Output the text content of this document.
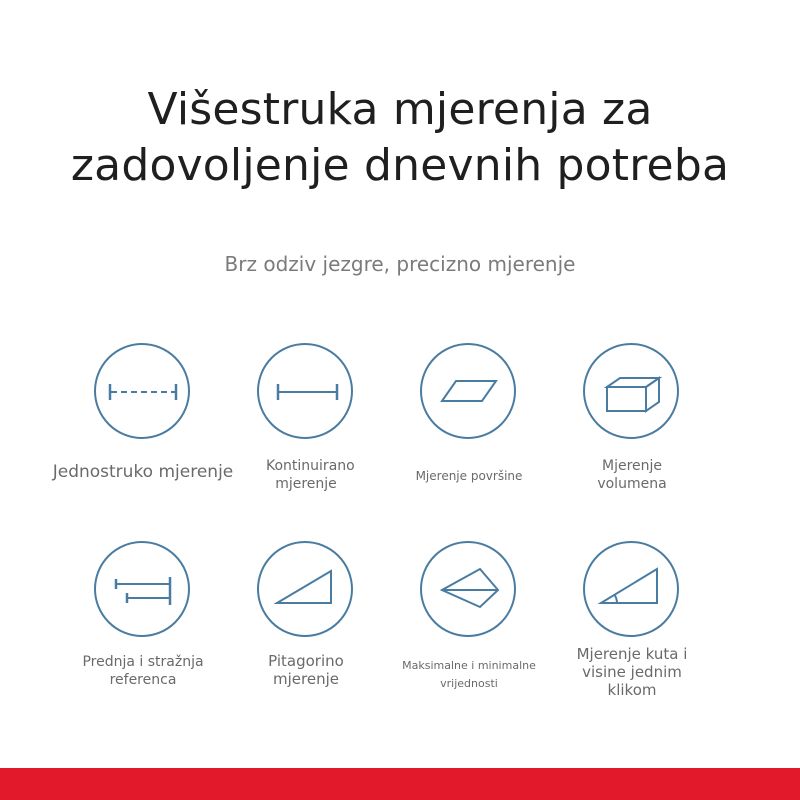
Višestruka mjerenja za
zadovoljenje dnevnih potreba
Brz odziv jezgre, precizno mjerenje
Jednostruko mjerenje	Kontinuirano mjerenje	Mjerenje površine
Mjerenje volumena
Prednja i stražnja referenca
Pitagorino mjerenje
Maksimalne i minimalne vrijednosti
Mjerenje kuta i visine jednim klikom
